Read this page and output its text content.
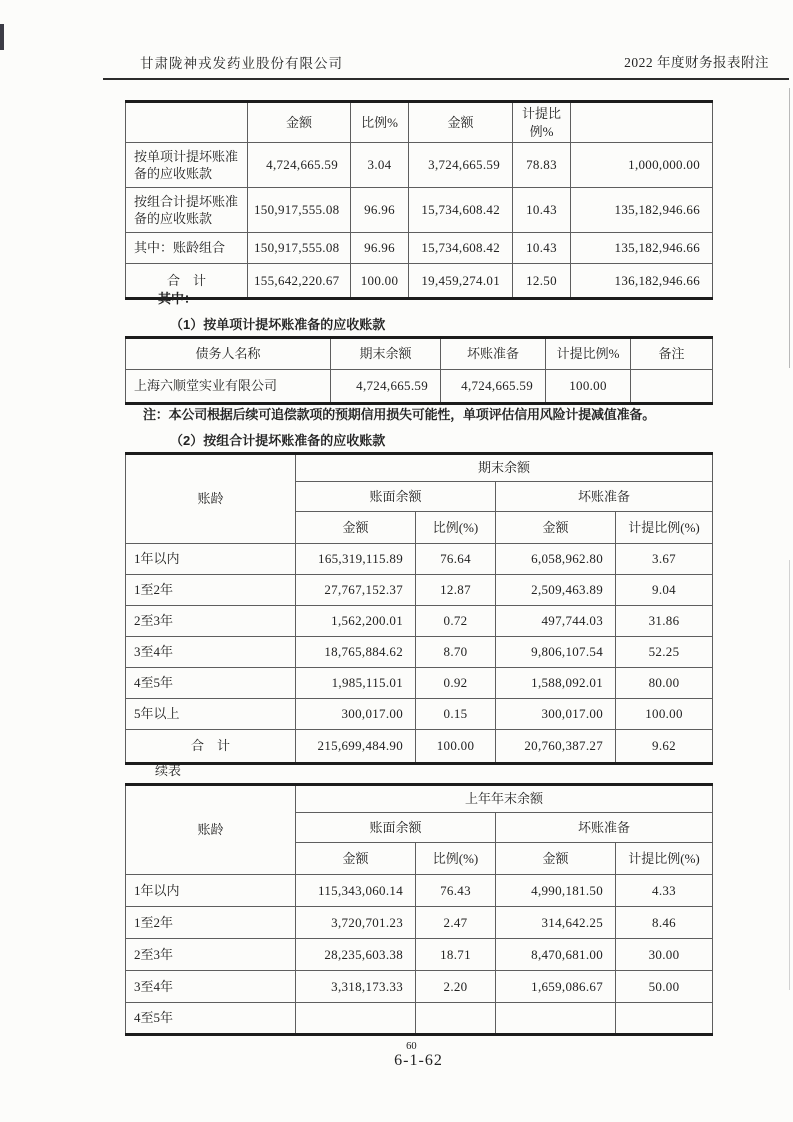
甘肃陇神戎发药业股份有限公司	2022 年度财务报表附注
	金额	比例%	金额	计提比例%	
按单项计提坏账准备的应收账款	4,724,665.59	3.04	3,724,665.59	78.83	1,000,000.00
按组合计提坏账准备的应收账款	150,917,555.08	96.96	15,734,608.42	10.43	135,182,946.66
其中：账龄组合	150,917,555.08	96.96	15,734,608.42	10.43	135,182,946.66
合　计	155,642,220.67	100.00	19,459,274.01	12.50	136,182,946.66
其中：
（1）按单项计提坏账准备的应收账款
债务人名称	期末余额	坏账准备	计提比例%	备注
上海六顺堂实业有限公司	4,724,665.59	4,724,665.59	100.00	
注：本公司根据后续可追偿款项的预期信用损失可能性，单项评估信用风险计提减值准备。
（2）按组合计提坏账准备的应收账款
账龄	期末余额			
	账面余额		坏账准备	
	金额	比例(%)	金额	计提比例(%)
1年以内	165,319,115.89	76.64	6,058,962.80	3.67
1至2年	27,767,152.37	12.87	2,509,463.89	9.04
2至3年	1,562,200.01	0.72	497,744.03	31.86
3至4年	18,765,884.62	8.70	9,806,107.54	52.25
4至5年	1,985,115.01	0.92	1,588,092.01	80.00
5年以上	300,017.00	0.15	300,017.00	100.00
合　计	215,699,484.90	100.00	20,760,387.27	9.62
续表
账龄	上年年末余额			
	账面余额		坏账准备	
	金额	比例(%)	金额	计提比例(%)
1年以内	115,343,060.14	76.43	4,990,181.50	4.33
1至2年	3,720,701.23	2.47	314,642.25	8.46
2至3年	28,235,603.38	18.71	8,470,681.00	30.00
3至4年	3,318,173.33	2.20	1,659,086.67	50.00
4至5年				
60
6-1-62
